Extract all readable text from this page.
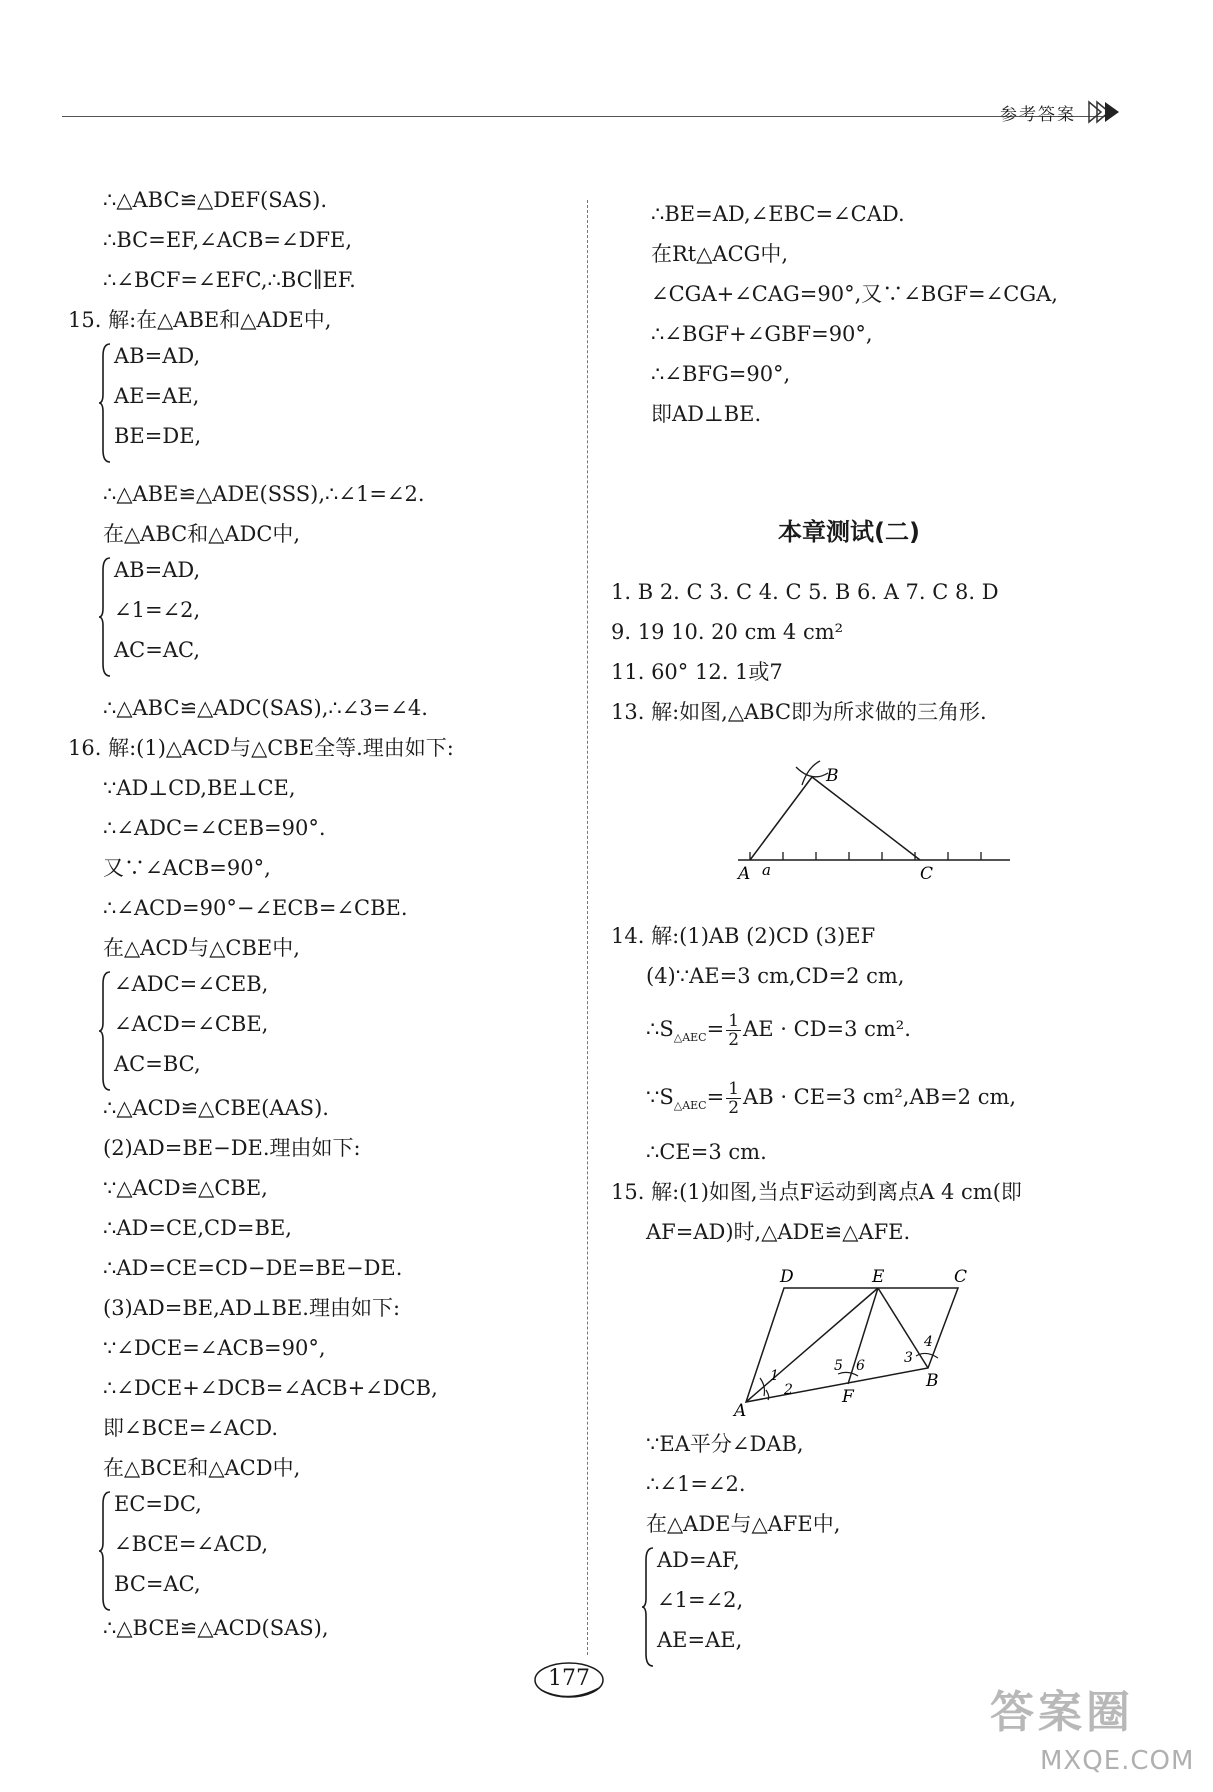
参考答案
∴△ABC≌△DEF(SAS).
∴BC=EF,∠ACB=∠DFE,
∴∠BCF=∠EFC,∴BC∥EF.
15. 解:在△ABE和△ADE中,
AB=AD,
AE=AE,
BE=DE,
∴△ABE≌△ADE(SSS),∴∠1=∠2.
在△ABC和△ADC中,
AB=AD,
∠1=∠2,
AC=AC,
∴△ABC≌△ADC(SAS),∴∠3=∠4.
16. 解:(1)△ACD与△CBE全等.理由如下:
∵AD⊥CD,BE⊥CE,
∴∠ADC=∠CEB=90°.
又∵∠ACB=90°,
∴∠ACD=90°−∠ECB=∠CBE.
在△ACD与△CBE中,
∠ADC=∠CEB,
∠ACD=∠CBE,
AC=BC,
∴△ACD≌△CBE(AAS).
(2)AD=BE−DE.理由如下:
∵△ACD≌△CBE,
∴AD=CE,CD=BE,
∴AD=CE=CD−DE=BE−DE.
(3)AD=BE,AD⊥BE.理由如下:
∵∠DCE=∠ACB=90°,
∴∠DCE+∠DCB=∠ACB+∠DCB,
即∠BCE=∠ACD.
在△BCE和△ACD中,
EC=DC,
∠BCE=∠ACD,
BC=AC,
∴△BCE≌△ACD(SAS),
∴BE=AD,∠EBC=∠CAD.
在Rt△ACG中,
∠CGA+∠CAG=90°,又∵∠BGF=∠CGA,
∴∠BGF+∠GBF=90°,
∴∠BFG=90°,
即AD⊥BE.
本章测试(二)
1. B 2. C 3. C 4. C 5. B 6. A 7. C 8. D
9. 19 10. 20 cm 4 cm²
11. 60° 12. 1或7
13. 解:如图,△ABC即为所求做的三角形.
A a
B
C
14. 解:(1)AB (2)CD (3)EF
(4)∵AE=3 cm,CD=2 cm,
$\therefore S_{\triangle AEC}= \frac{1}{2}$ AE · CD=3 cm².
$\because S_{\triangle AEC}= \frac{1}{2}$ AB · CE=3 cm²,AB=2 cm,
∴CE=3 cm.
15. 解:(1)如图,当点F运动到离点A 4 cm(即
AF=AD)时,△ADE≌△AFE.
D	E	C
A
F
B
1
2
3
4
5 6
∵EA平分∠DAB,
∴∠1=∠2.
在△ADE与△AFE中,
AD=AF,
∠1=∠2,
AE=AE,
177
答案圈
MXQE.COM
